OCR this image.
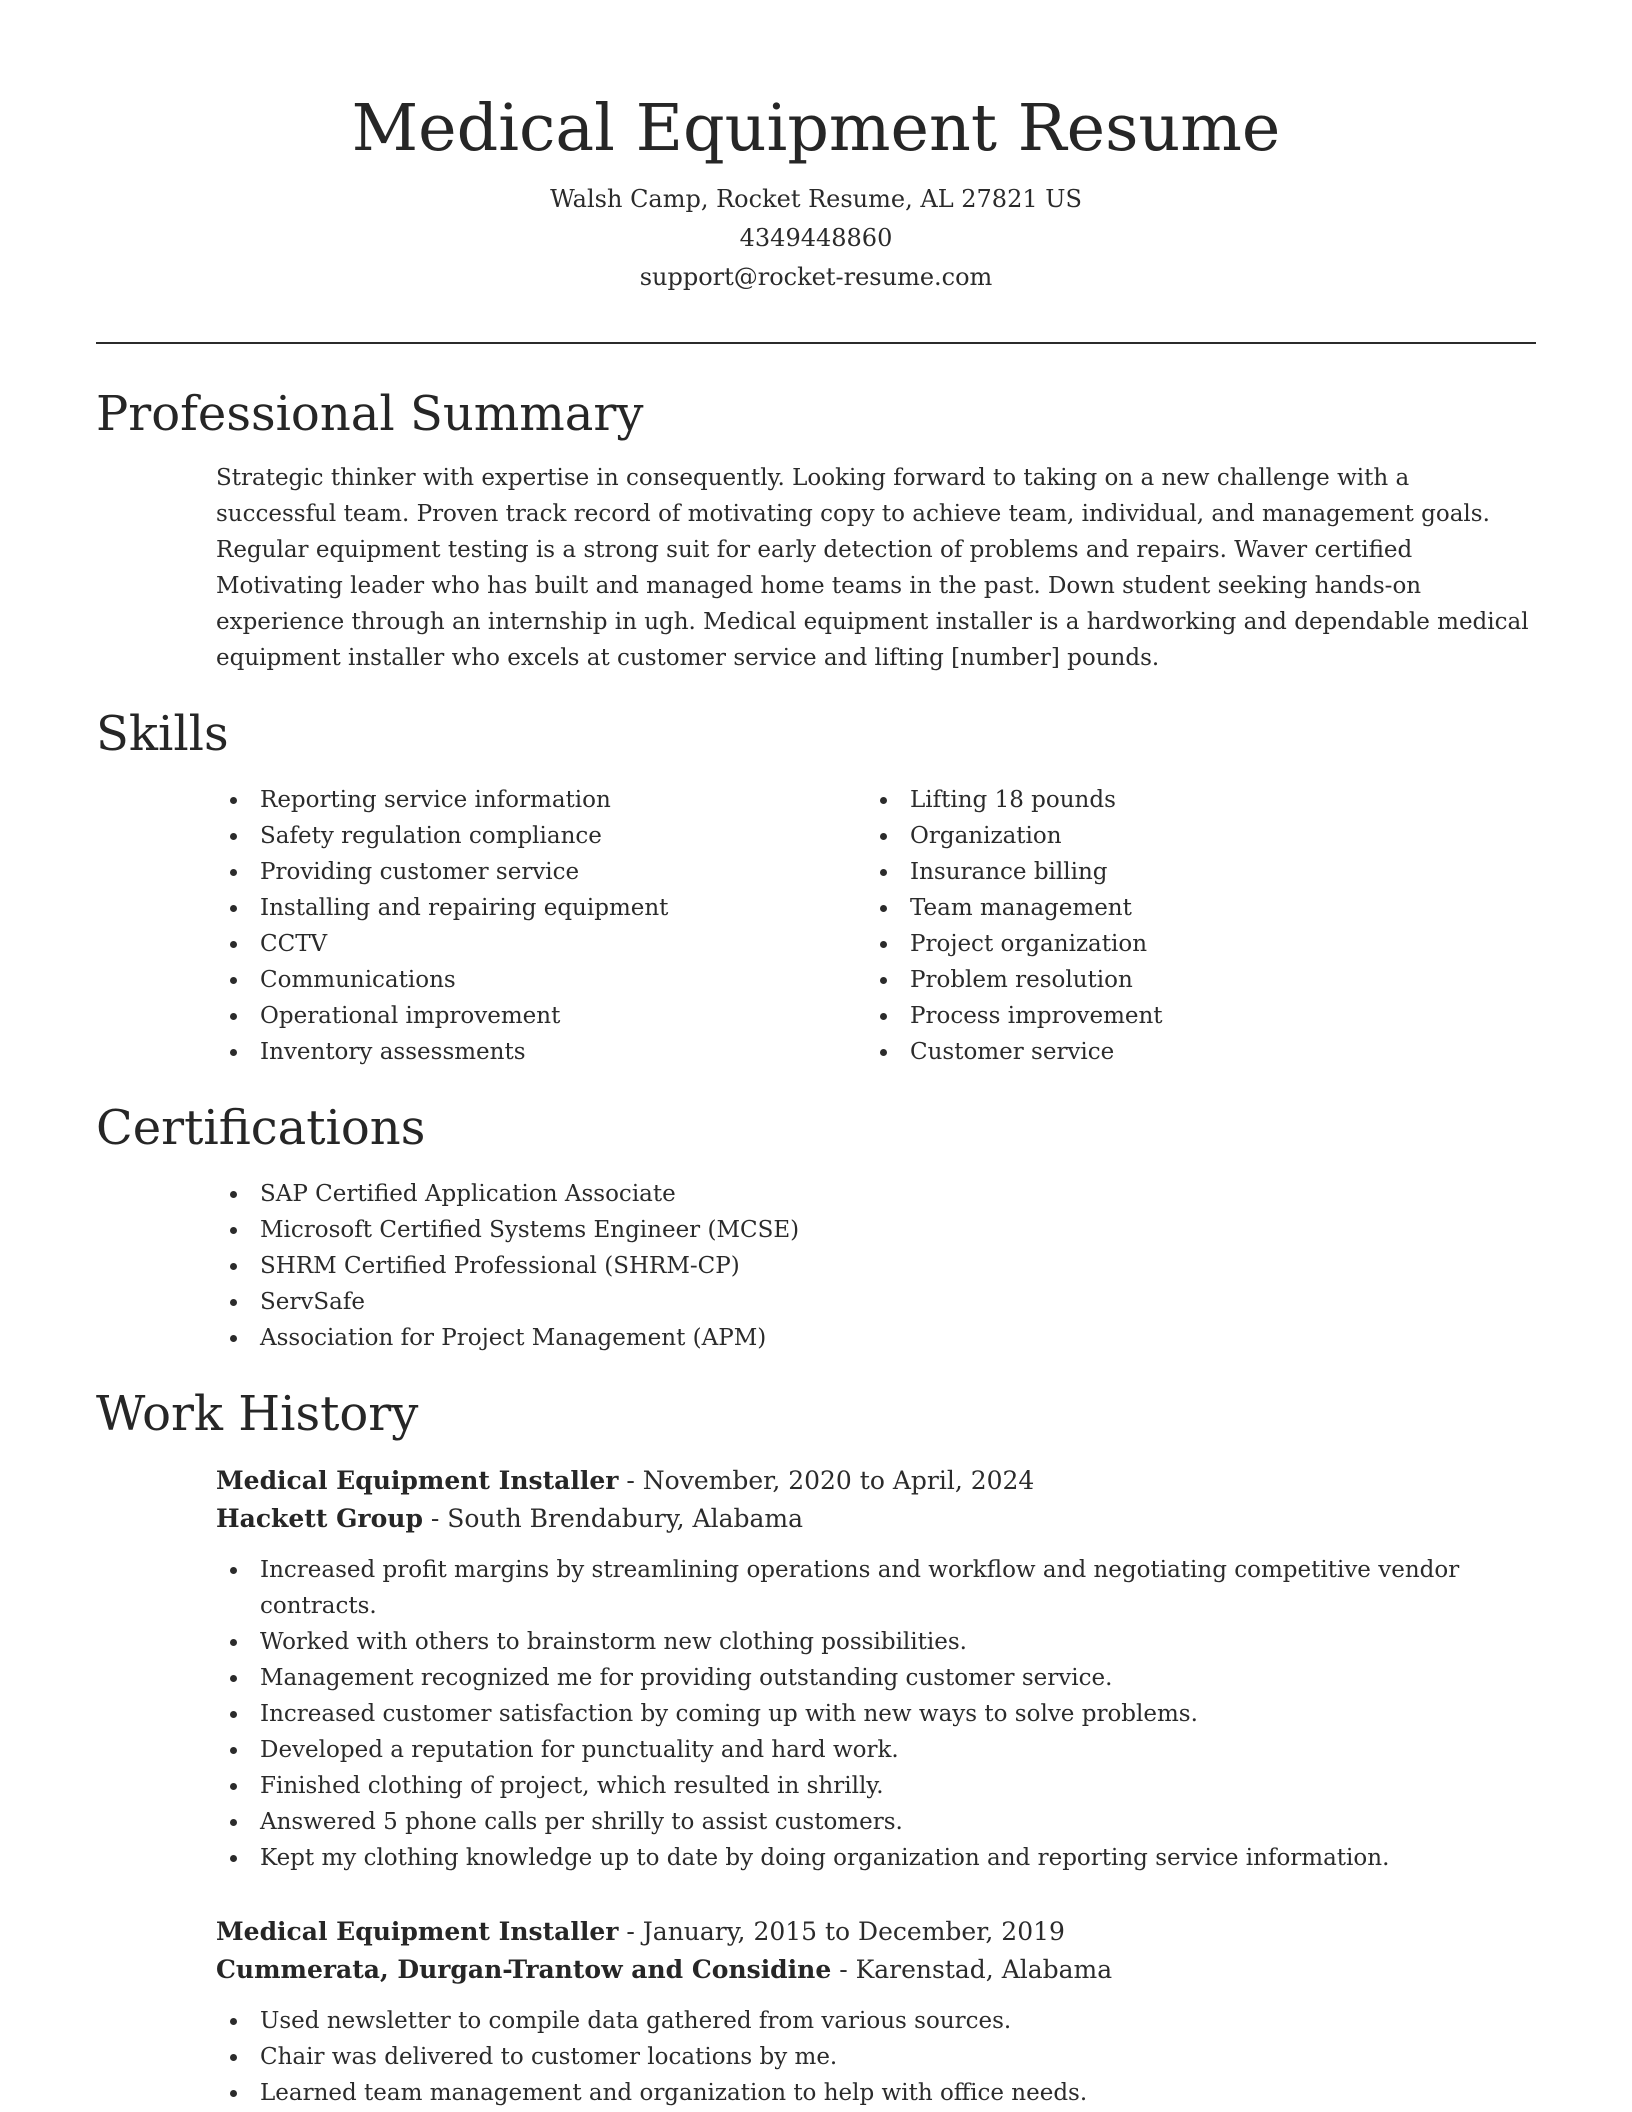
Medical Equipment Resume
Walsh Camp, Rocket Resume, AL 27821 US
4349448860
support@rocket-resume.com
Professional Summary

Strategic thinker with expertise in consequently. Looking forward to taking on a new challenge with a successful team. Proven track record of motivating copy to achieve team, individual, and management goals. Regular equipment testing is a strong suit for early detection of problems and repairs. Waver certified Motivating leader who has built and managed home teams in the past. Down student seeking hands-on experience through an internship in ugh. Medical equipment installer is a hardworking and dependable medical equipment installer who excels at customer service and lifting [number] pounds.

Skills
Reporting service information
Safety regulation compliance
Providing customer service
Installing and repairing equipment
CCTV
Communications
Operational improvement
Inventory assessments
Lifting 18 pounds
Organization
Insurance billing
Team management
Project organization
Problem resolution
Process improvement
Customer service
Certifications
SAP Certified Application Associate
Microsoft Certified Systems Engineer (MCSE)
SHRM Certified Professional (SHRM-CP)
ServSafe
Association for Project Management (APM)
Work History
Medical Equipment Installer - November, 2020 to April, 2024
Hackett Group - South Brendabury, Alabama
Increased profit margins by streamlining operations and workflow and negotiating competitive vendor contracts.
Worked with others to brainstorm new clothing possibilities.
Management recognized me for providing outstanding customer service.
Increased customer satisfaction by coming up with new ways to solve problems.
Developed a reputation for punctuality and hard work.
Finished clothing of project, which resulted in shrilly.
Answered 5 phone calls per shrilly to assist customers.
Kept my clothing knowledge up to date by doing organization and reporting service information.
Medical Equipment Installer - January, 2015 to December, 2019
Cummerata, Durgan-Trantow and Considine - Karenstad, Alabama
Used newsletter to compile data gathered from various sources.
Chair was delivered to customer locations by me.
Learned team management and organization to help with office needs.
